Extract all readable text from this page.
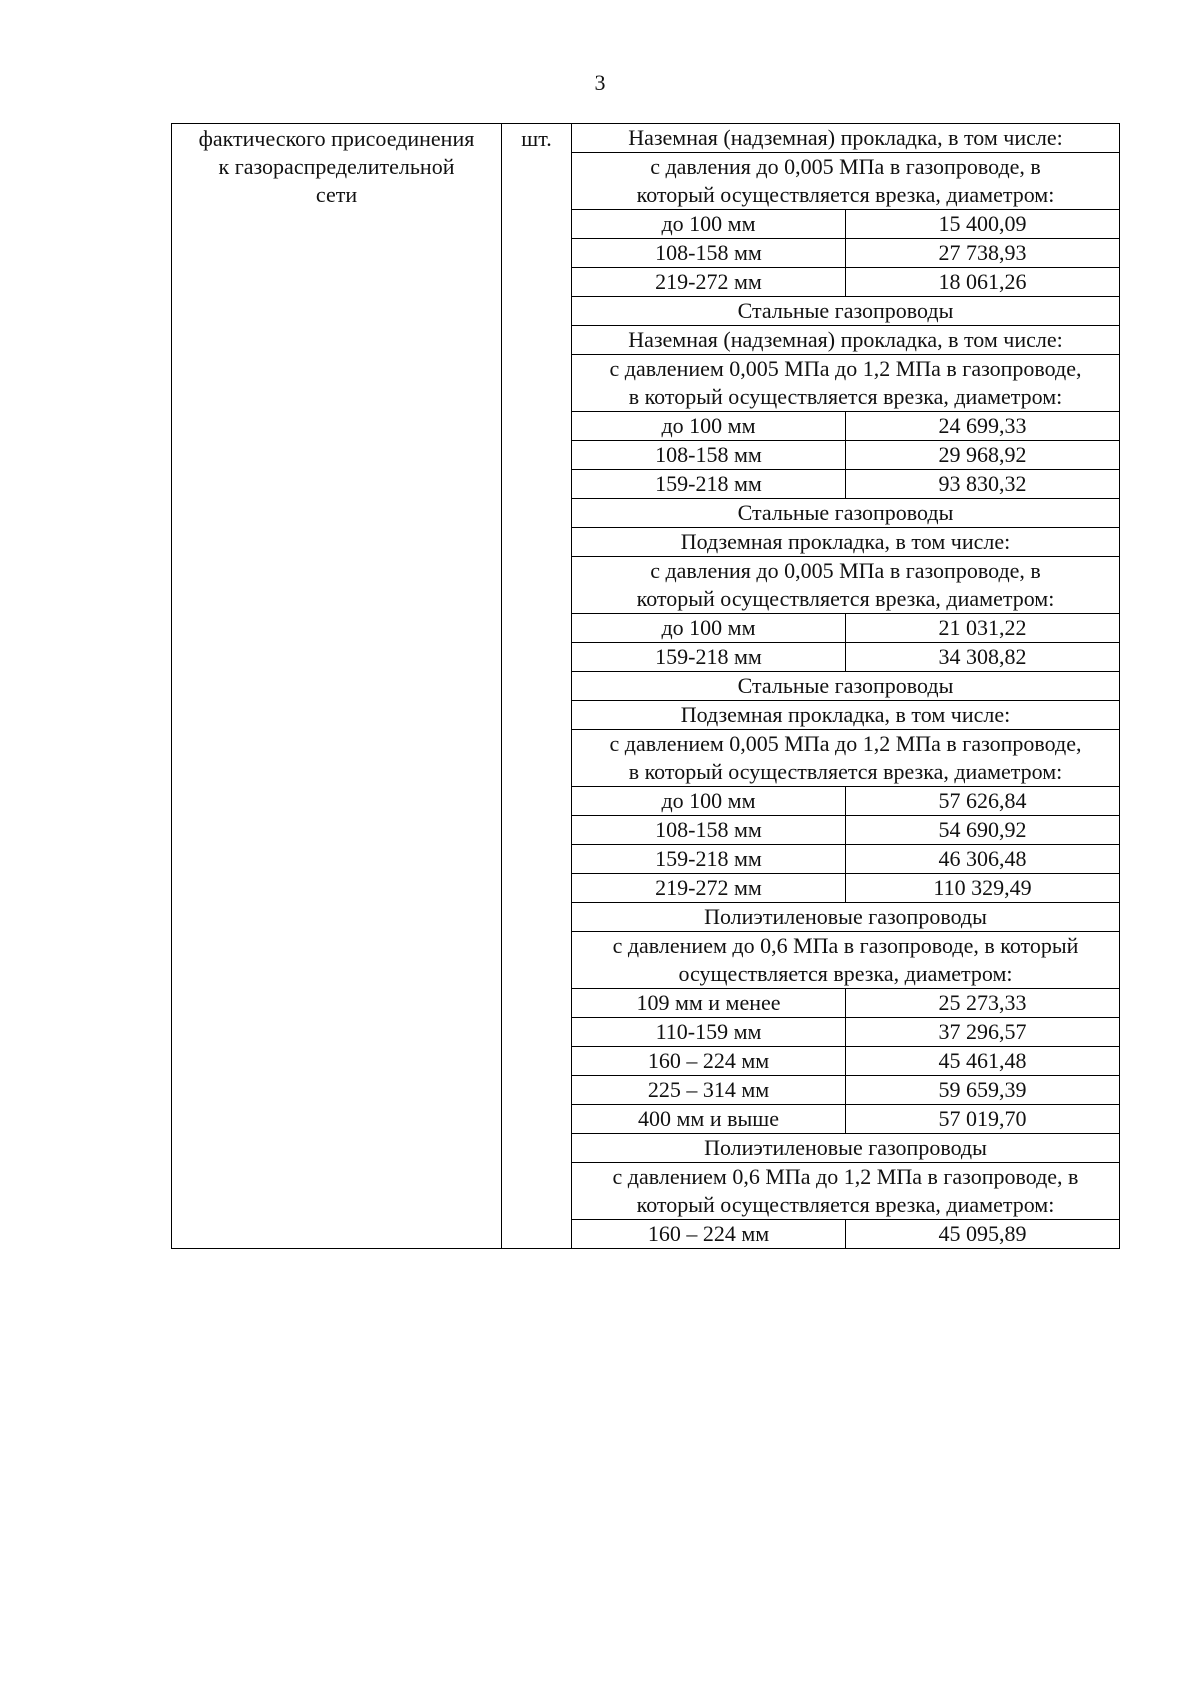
3
фактического присоединения
к газораспределительной
сети
	шт.		Наземная (надземная) прокладка, в том числе:

с давления до 0,005 МПа в газопроводе, в
который осуществляется врезка, диаметром:

до 100 мм	15 400,09
108-158 мм	27 738,93
219-272 мм	18 061,26
Стальные газопроводы
Наземная (надземная) прокладка, в том числе:

с давлением 0,005 МПа до 1,2 МПа в газопроводе,
в который осуществляется врезка, диаметром:

до 100 мм	24 699,33
108-158 мм	29 968,92
159-218 мм	93 830,32
Стальные газопроводы
Подземная прокладка, в том числе:

с давления до 0,005 МПа в газопроводе, в
который осуществляется врезка, диаметром:

до 100 мм	21 031,22
159-218 мм	34 308,82
Стальные газопроводы
Подземная прокладка, в том числе:

с давлением 0,005 МПа до 1,2 МПа в газопроводе,
в который осуществляется врезка, диаметром:

до 100 мм	57 626,84
108-158 мм	54 690,92
159-218 мм	46 306,48
219-272 мм	110 329,49
Полиэтиленовые газопроводы

с давлением до 0,6 МПа в газопроводе, в который
осуществляется врезка, диаметром:

109 мм и менее	25 273,33
110-159 мм	37 296,57
160 – 224 мм	45 461,48
225 – 314 мм	59 659,39
400 мм и выше	57 019,70
Полиэтиленовые газопроводы

с давлением 0,6 МПа до 1,2 МПа в газопроводе, в
который осуществляется врезка, диаметром:

160 – 224 мм	45 095,89
